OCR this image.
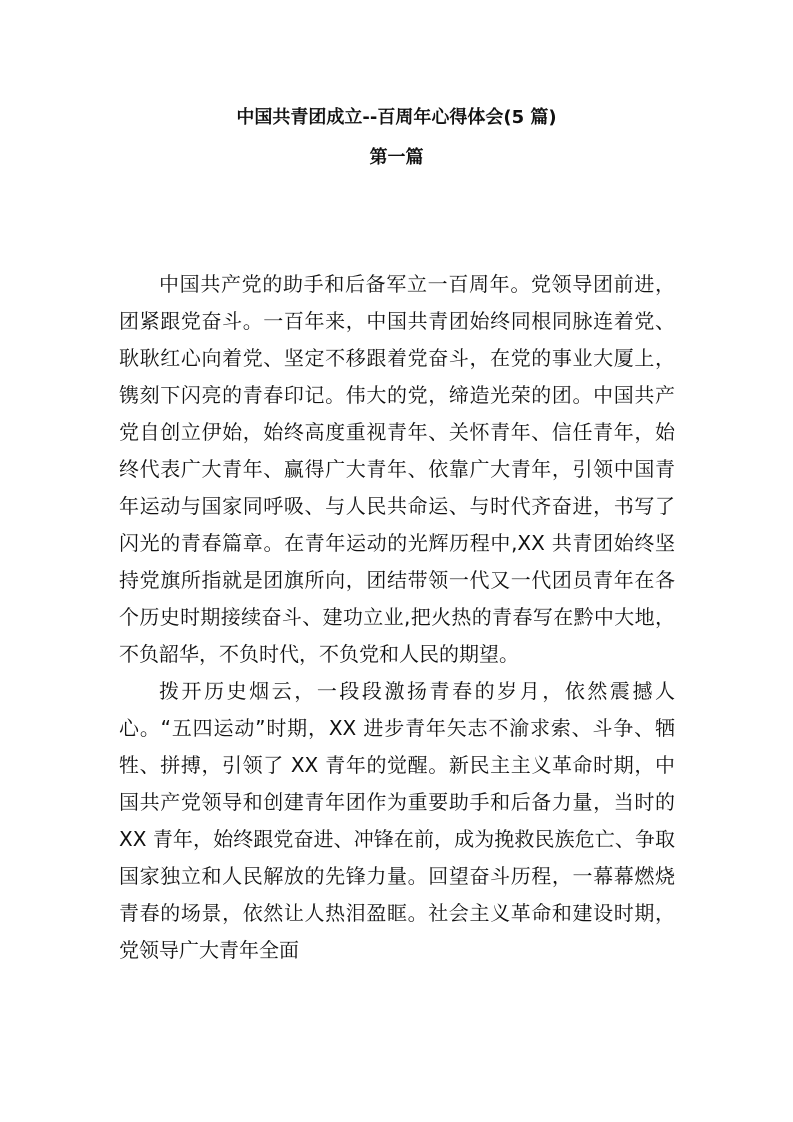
中国共青团成立--百周年心得体会(5 篇)
第一篇

中国共产党的助手和后备军立一百周年。党领导团前进，团紧跟党奋斗。一百年来，中国共青团始终同根同脉连着党、耿耿红心向着党、坚定不移跟着党奋斗，在党的事业大厦上，镌刻下闪亮的青春印记。伟大的党，缔造光荣的团。中国共产党自创立伊始，始终高度重视青年、关怀青年、信任青年，始终代表广大青年、赢得广大青年、依靠广大青年，引领中国青年运动与国家同呼吸、与人民共命运、与时代齐奋进，书写了闪光的青春篇章。在青年运动的光辉历程中,XX 共青团始终坚持党旗所指就是团旗所向，团结带领一代又一代团员青年在各个历史时期接续奋斗、建功立业,把火热的青春写在黔中大地，不负韶华，不负时代，不负党和人民的期望。

拨开历史烟云，一段段激扬青春的岁月，依然震撼人心。“五四运动”时期，XX 进步青年矢志不渝求索、斗争、牺牲、拼搏，引领了 XX 青年的觉醒。新民主主义革命时期，中国共产党领导和创建青年团作为重要助手和后备力量，当时的 XX 青年，始终跟党奋进、冲锋在前，成为挽救民族危亡、争取国家独立和人民解放的先锋力量。回望奋斗历程，一幕幕燃烧青春的场景，依然让人热泪盈眶。社会主义革命和建设时期，党领导广大青年全面
